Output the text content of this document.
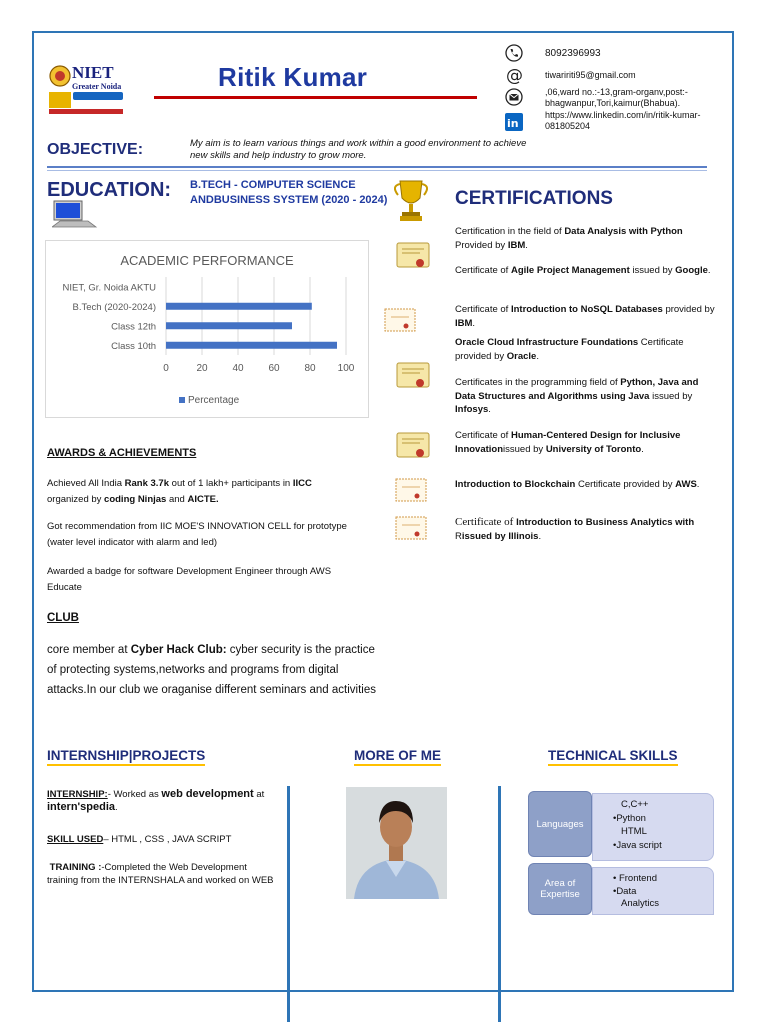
NIET
Greater Noida	Ritik Kumar
8092396993
@ tiwaririti95@gmail.com
,06,ward no.:-13,gram-organv,post:-bhagwanpur,Tori,kaimur(Bhabua).
in
https://www.linkedin.com/in/ritik-kumar-081805204
OBJECTIVE:	My aim is to learn various things and work within a good environment to achieve new skills and help industry to grow more.
EDUCATION: B.TECH - COMPUTER SCIENCE ANDBUSINESS SYSTEM (2020 - 2024)
ACADEMIC PERFORMANCE
NIET, Gr. Noida AKTU
B.Tech (2020-2024)
Class 12th
Class 10th
0	20 40 60 80 100
Percentage
CERTIFICATIONS
Certification in the field of Data Analysis with Python Provided by IBM.
Certificate of Agile Project Management issued by Google.
Certificate of Introduction to NoSQL Databases provided by IBM.
Oracle Cloud Infrastructure Foundations Certificate provided by Oracle.
Certificates in the programming field of Python, Java and Data Structures and Algorithms using Java issued by Infosys.
Certificate of Human-Centered Design for Inclusive Innovationissued by University of Toronto.
Introduction to Blockchain Certificate provided by AWS.
Certificate of Introduction to Business Analytics with Rissued by Illinois.
AWARDS & ACHIEVEMENTS
Achieved All India Rank 3.7k out of 1 lakh+ participants in IICC organized by coding Ninjas and AICTE.
Got recommendation from IIC MOE'S INNOVATION CELL for prototype (water level indicator with alarm and led)
Awarded a badge for software Development Engineer through AWS Educate
CLUB
core member at Cyber Hack Club: cyber security is the practice of protecting systems,networks and programs from digital attacks.In our club we oraganise different seminars and activities
INTERNSHIP|PROJECTS	MORE OF ME	TECHNICAL SKILLS
INTERNSHIP:- Worked as web development at intern'spedia.
SKILL USED– HTML , CSS , JAVA SCRIPT
TRAINING :-Completed the Web Development training from the INTERNSHALA and worked on WEB
Languages
C,C++
•Python
HTML
•Java script
Area of Expertise
• Frontend
•Data
Analytics
